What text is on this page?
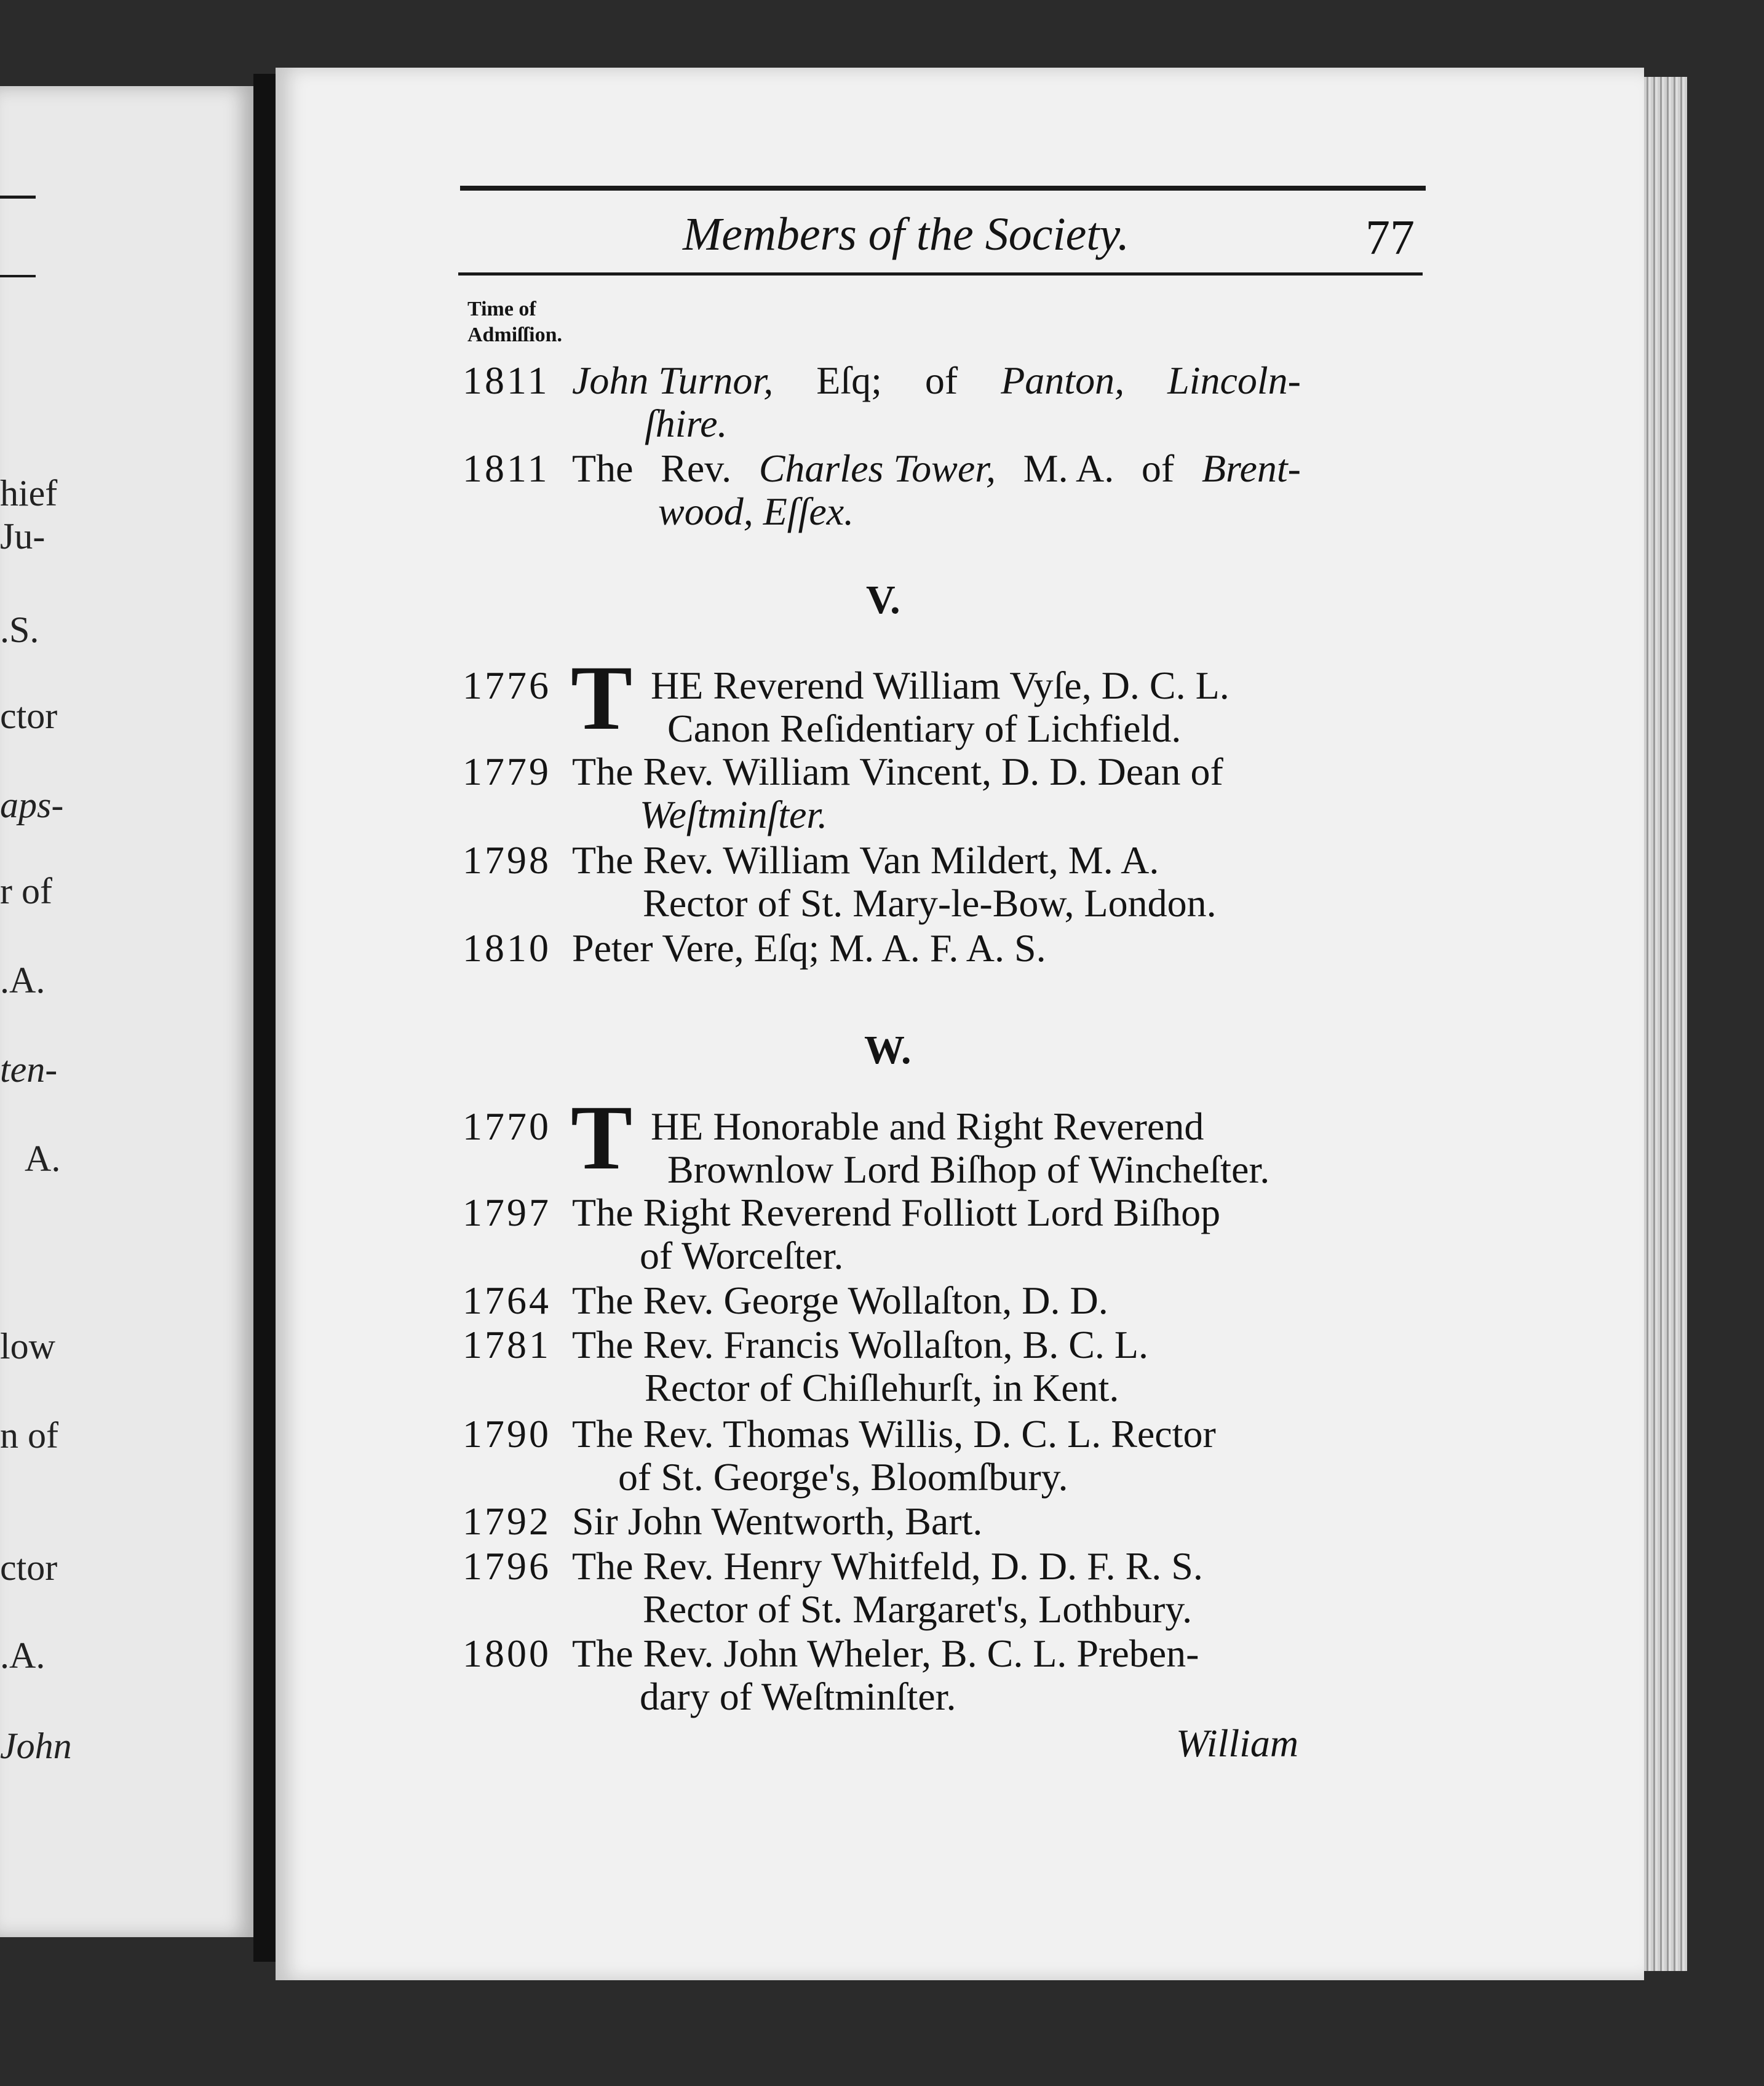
hief
Ju-
.S.
ctor
aps-
r of
.A.
ten-
A.
low
n of
ctor
.A.
John
Members of the Society.	77
Time of
Admiſſion.
1811 John Turnor, Eſq; of Panton, Lincoln-
ſhire.
1811 The Rev. Charles Tower, M. A. of Brent-
wood, Eſſex.
V.
T
1776	HE Reverend William Vyſe, D. C. L.
Canon Reſidentiary of Lichfield.
1779 The Rev. William Vincent, D. D. Dean of
Weſtminſter.
1798 The Rev. William Van Mildert, M. A.
Rector of St. Mary-le-Bow, London.
1810 Peter Vere, Eſq; M. A. F. A. S.
W.
T
1770	HE Honorable and Right Reverend
Brownlow Lord Biſhop of Wincheſter.
1797 The Right Reverend Folliott Lord Biſhop
of Worceſter.
1764 The Rev. George Wollaſton, D. D.
1781 The Rev. Francis Wollaſton, B. C. L.
Rector of Chiſlehurſt, in Kent.
1790 The Rev. Thomas Willis, D. C. L. Rector
of St. George's, Bloomſbury.
1792 Sir John Wentworth, Bart.
1796 The Rev. Henry Whitfeld, D. D. F. R. S.
Rector of St. Margaret's, Lothbury.
1800 The Rev. John Wheler, B. C. L. Preben-
dary of Weſtminſter.
William
